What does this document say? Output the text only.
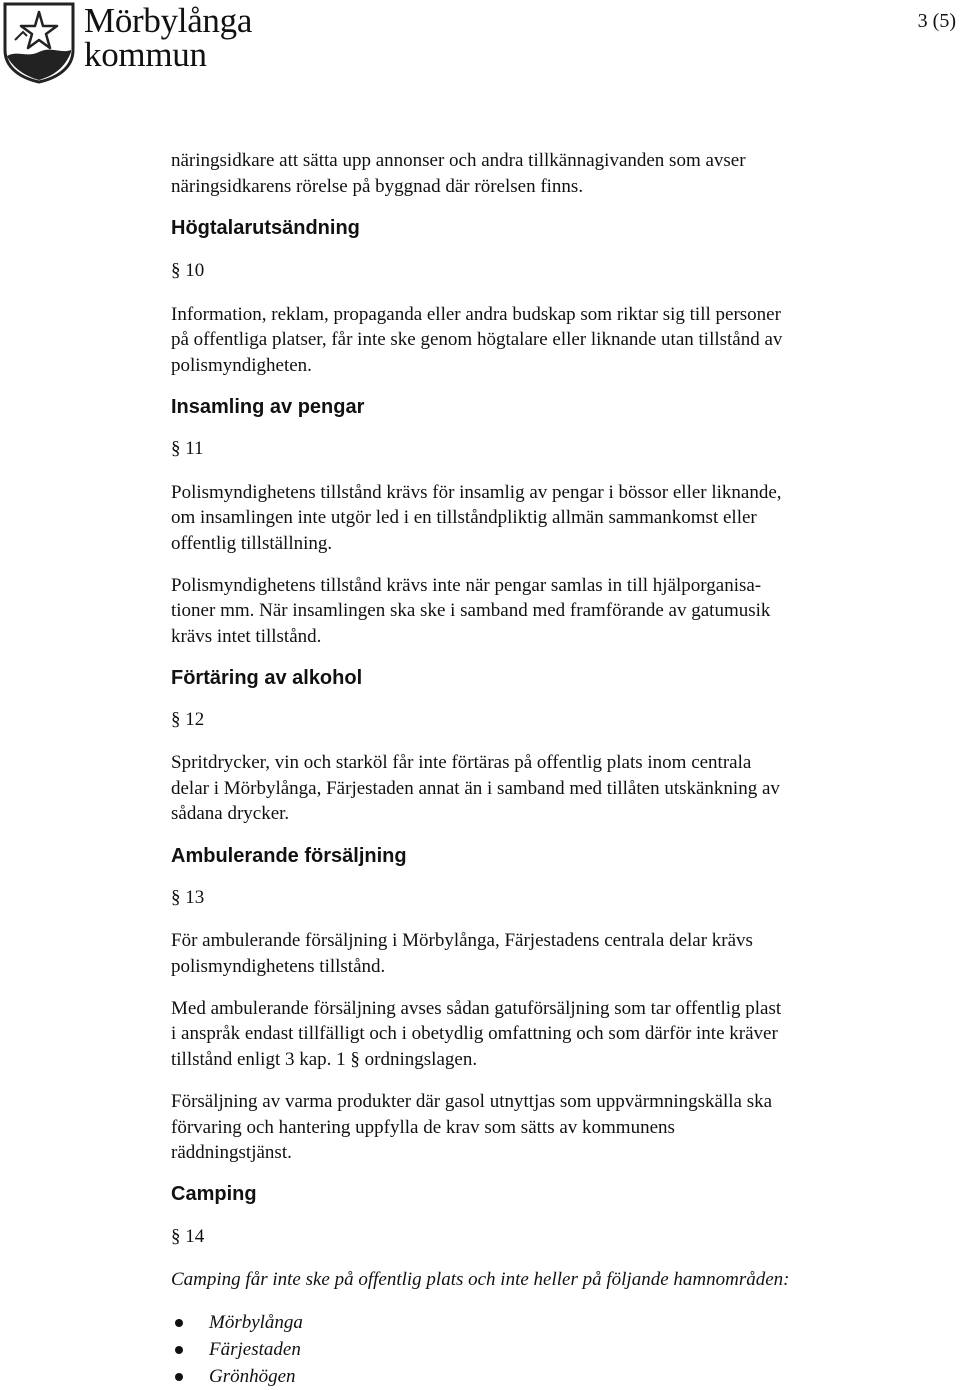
Mörbylånga
kommun
3 (5)

näringsidkare att sätta upp annonser och andra tillkännagivanden som avser

näringsidkarens rörelse på byggnad där rörelsen finns.

Högtalarutsändning
§ 10

Information, reklam, propaganda eller andra budskap som riktar sig till personer

på offentliga platser, får inte ske genom högtalare eller liknande utan tillstånd av

polismyndigheten.

Insamling av pengar
§ 11

Polismyndighetens tillstånd krävs för insamlig av pengar i bössor eller liknande,

om insamlingen inte utgör led i en tillståndpliktig allmän sammankomst eller

offentlig tillställning.

Polismyndighetens tillstånd krävs inte när pengar samlas in till hjälporganisa-

tioner mm. När insamlingen ska ske i samband med framförande av gatumusik

krävs intet tillstånd.

Förtäring av alkohol
§ 12

Spritdrycker, vin och starköl får inte förtäras på offentlig plats inom centrala

delar i Mörbylånga, Färjestaden annat än i samband med tillåten utskänkning av

sådana drycker.

Ambulerande försäljning
§ 13

För ambulerande försäljning i Mörbylånga, Färjestadens centrala delar krävs

polismyndighetens tillstånd.

Med ambulerande försäljning avses sådan gatuförsäljning som tar offentlig plast

i anspråk endast tillfälligt och i obetydlig omfattning och som därför inte kräver

tillstånd enligt 3 kap. 1 § ordningslagen.

Försäljning av varma produkter där gasol utnyttjas som uppvärmningskälla ska

förvaring och hantering uppfylla de krav som sätts av kommunens

räddningstjänst.

Camping
§ 14

Camping får inte ske på offentlig plats och inte heller på följande hamnområden:

Mörbylånga
Färjestaden
Grönhögen
